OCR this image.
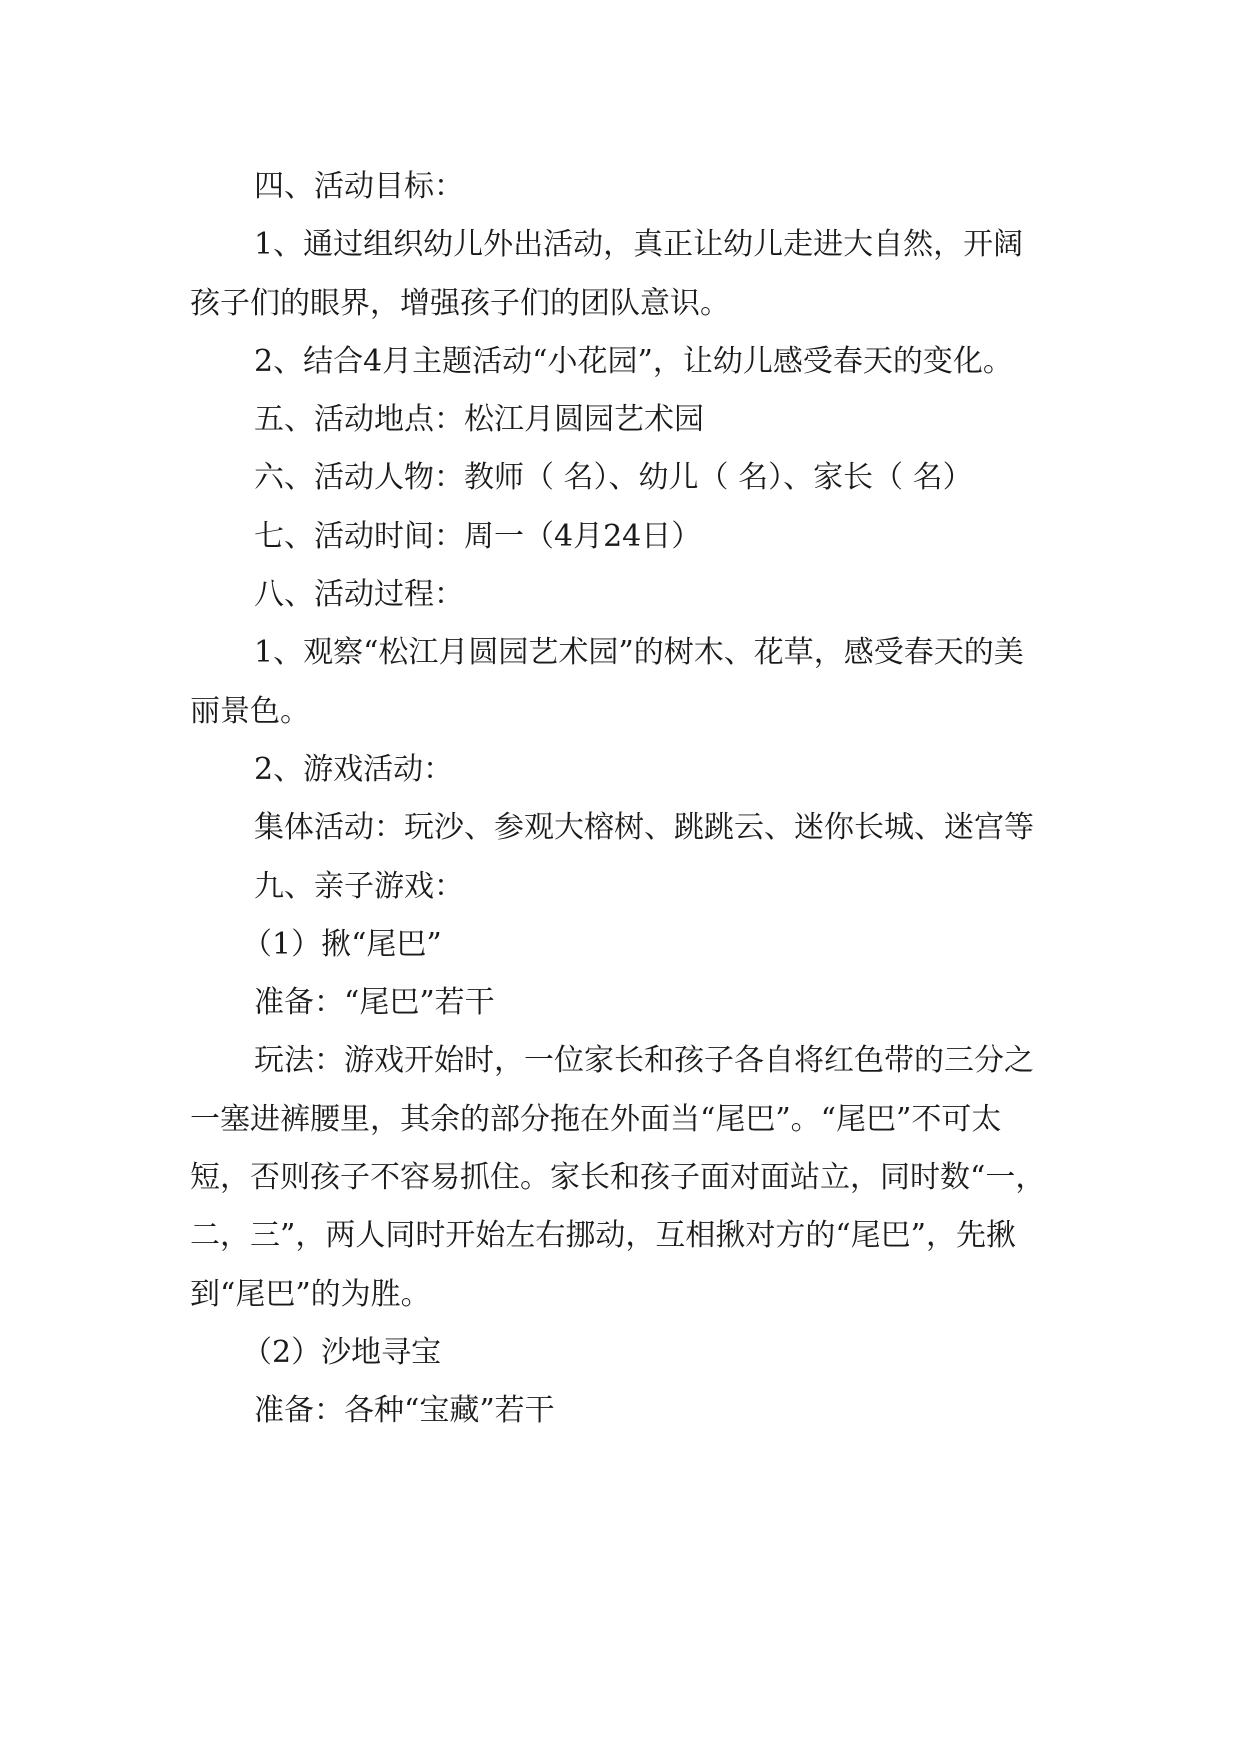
四、活动目标：

1、通过组织幼儿外出活动，真正让幼儿走进大自然，开阔孩子们的眼界，增强孩子们的团队意识。

2、结合4月主题活动“小花园”，让幼儿感受春天的变化。

五、活动地点：松江月圆园艺术园

六、活动人物：教师（ 名）、幼儿（ 名）、家长（ 名）

七、活动时间：周一（4月24日）

八、活动过程：

1、观察“松江月圆园艺术园”的树木、花草，感受春天的美丽景色。

2、游戏活动：

集体活动：玩沙、参观大榕树、跳跳云、迷你长城、迷宫等

九、亲子游戏：

（1）揪“尾巴”

准备：“尾巴”若干

玩法：游戏开始时，一位家长和孩子各自将红色带的三分之一塞进裤腰里，其余的部分拖在外面当“尾巴”。“尾巴”不可太短，否则孩子不容易抓住。家长和孩子面对面站立，同时数“一，二，三”，两人同时开始左右挪动，互相揪对方的“尾巴”，先揪到“尾巴”的为胜。

（2）沙地寻宝

准备：各种“宝藏”若干
